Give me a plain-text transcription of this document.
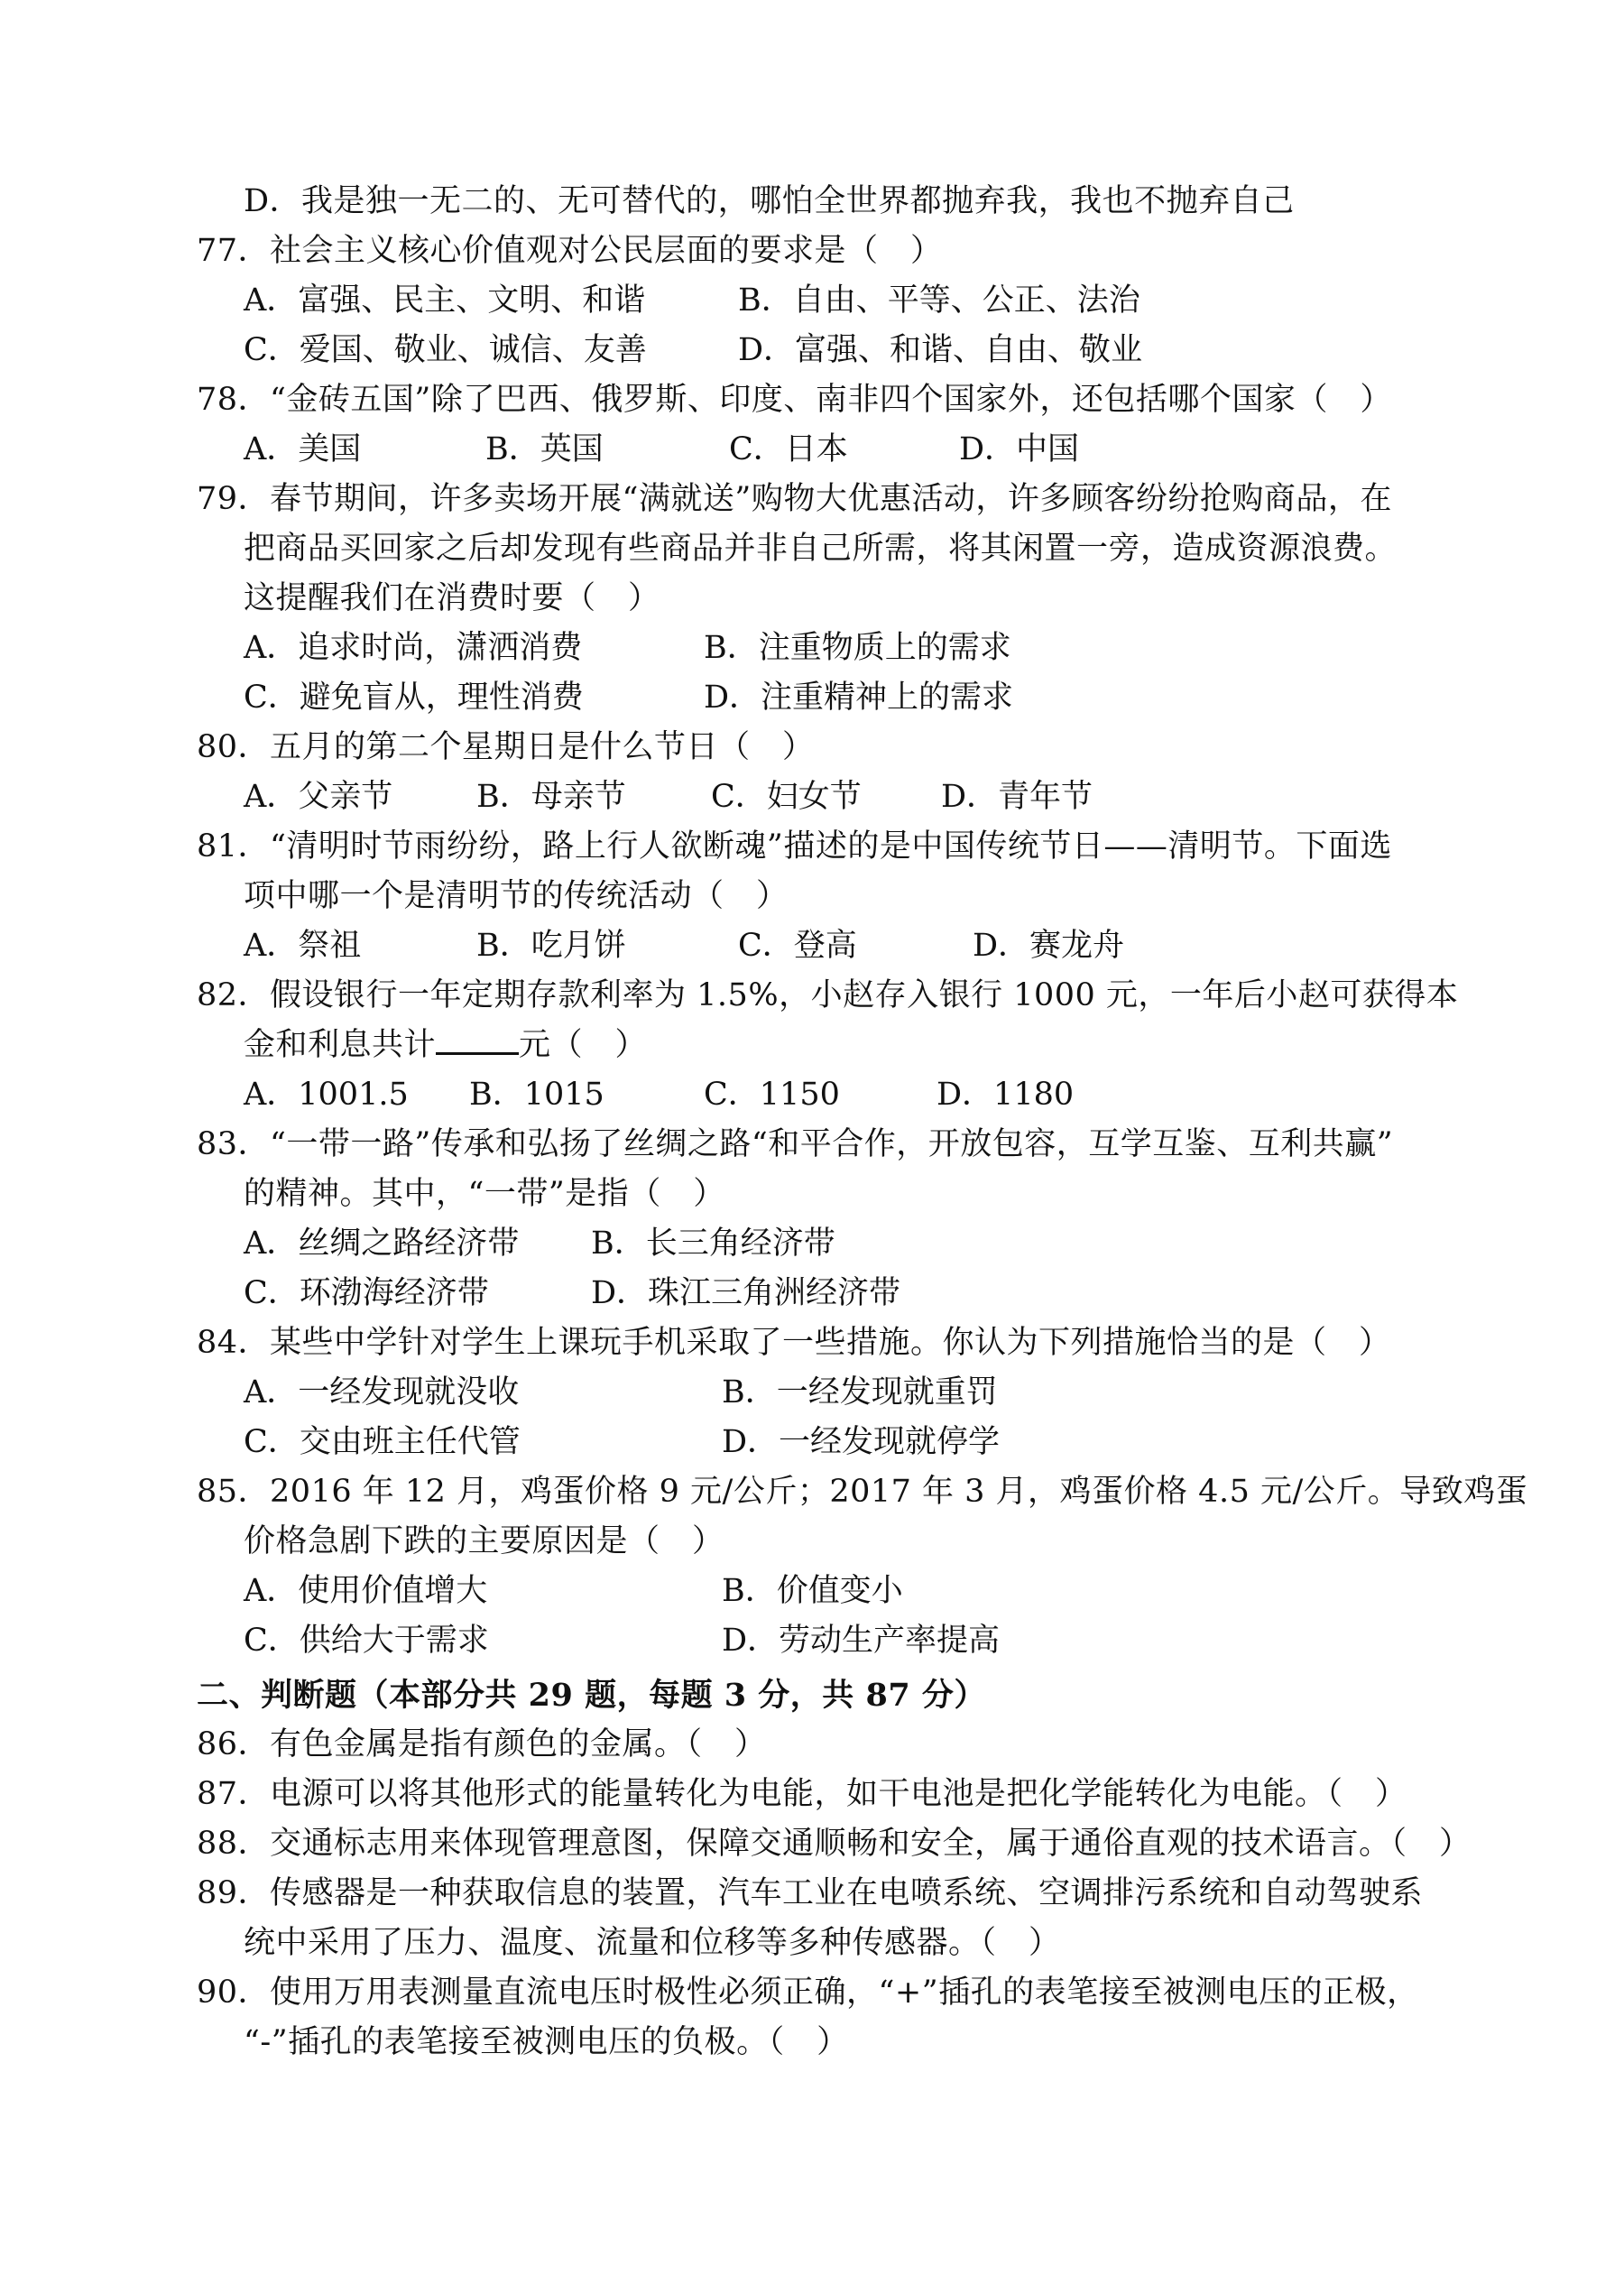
D．我是独一无二的、无可替代的，哪怕全世界都抛弃我，我也不抛弃自己
77．社会主义核心价值观对公民层面的要求是（　）
A．富强、民主、文明、和谐	B．自由、平等、公正、法治
C．爱国、敬业、诚信、友善	D．富强、和谐、自由、敬业
78．“金砖五国”除了巴西、俄罗斯、印度、南非四个国家外，还包括哪个国家（　）
A．美国	B．英国	C．日本	D．中国
79．春节期间，许多卖场开展“满就送”购物大优惠活动，许多顾客纷纷抢购商品，在
把商品买回家之后却发现有些商品并非自己所需，将其闲置一旁，造成资源浪费。
这提醒我们在消费时要（　）
A．追求时尚，潇洒消费	B．注重物质上的需求
C．避免盲从，理性消费	D．注重精神上的需求
80．五月的第二个星期日是什么节日（　）
A．父亲节	B．母亲节	C．妇女节	D．青年节
81．“清明时节雨纷纷，路上行人欲断魂”描述的是中国传统节日——清明节。下面选
项中哪一个是清明节的传统活动（　）
A．祭祖	B．吃月饼	C．登高	D．赛龙舟
82．假设银行一年定期存款利率为 1.5%，小赵存入银行 1000 元，一年后小赵可获得本
金和利息共计	元（　）
A．1001.5 B．1015	C．1150	D．1180
83．“一带一路”传承和弘扬了丝绸之路“和平合作，开放包容，互学互鉴、互利共赢”
的精神。其中，“一带”是指（　）
A．丝绸之路经济带 B．长三角经济带
C．环渤海经济带	D．珠江三角洲经济带
84．某些中学针对学生上课玩手机采取了一些措施。你认为下列措施恰当的是（　）
A．一经发现就没收	B．一经发现就重罚
C．交由班主任代管	D．一经发现就停学
85．2016 年 12 月，鸡蛋价格 9 元/公斤；2017 年 3 月，鸡蛋价格 4.5 元/公斤。导致鸡蛋
价格急剧下跌的主要原因是（　）
A．使用价值增大	B．价值变小
C．供给大于需求	D．劳动生产率提高
二、判断题（本部分共 29 题，每题 3 分，共 87 分）
86．有色金属是指有颜色的金属。（　）
87．电源可以将其他形式的能量转化为电能，如干电池是把化学能转化为电能。（　）
88．交通标志用来体现管理意图，保障交通顺畅和安全，属于通俗直观的技术语言。（　）
89．传感器是一种获取信息的装置，汽车工业在电喷系统、空调排污系统和自动驾驶系
统中采用了压力、温度、流量和位移等多种传感器。（　）
90．使用万用表测量直流电压时极性必须正确，“+”插孔的表笔接至被测电压的正极，
“-”插孔的表笔接至被测电压的负极。（　）
